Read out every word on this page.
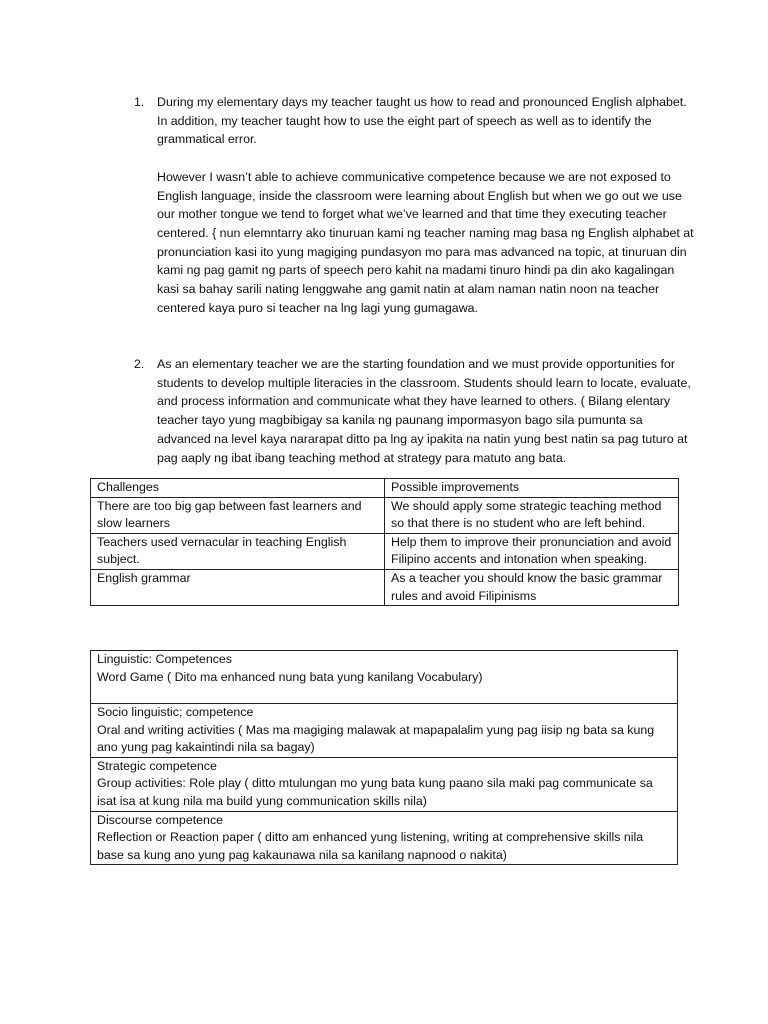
1.	During my elementary days my teacher taught us how to read and pronounced English alphabet. In addition, my teacher taught how to use the eight part of speech as well as to identify the grammatical error.

However I wasn’t able to achieve communicative competence because we are not exposed to English language, inside the classroom were learning about English but when we go out we use our mother tongue we tend to forget what we’ve learned and that time they executing teacher centered. { nun elemntarry ako tinuruan kami ng teacher naming mag basa ng English alphabet at pronunciation kasi ito yung magiging pundasyon mo para mas advanced na topic, at tinuruan din kami ng pag gamit ng parts of speech pero kahit na madami tinuro hindi pa din ako kagalingan kasi sa bahay sarili nating lenggwahe ang gamit natin at alam naman natin noon na teacher centered kaya puro si teacher na lng lagi yung gumagawa.

2.	As an elementary teacher we are the starting foundation and we must provide opportunities for students to develop multiple literacies in the classroom. Students should learn to locate, evaluate, and process information and communicate what they have learned to others. ( Bilang elentary teacher tayo yung magbibigay sa kanila ng paunang impormasyon bago sila pumunta sa advanced na level kaya nararapat ditto pa lng ay ipakita na natin yung best natin sa pag tuturo at pag aaply ng ibat ibang teaching method at strategy para matuto ang bata.

Challenges	Possible improvements
There are too big gap between fast learners and slow learners	We should apply some strategic teaching method so that there is no student who are left behind.
Teachers used vernacular in teaching English subject.	Help them to improve their pronunciation and avoid Filipino accents and intonation when speaking.
English grammar	As a teacher you should know the basic grammar rules and avoid Filipinisms
Linguistic: Competences
Word Game ( Dito ma enhanced nung bata yung kanilang Vocabulary)

Socio linguistic; competence
Oral and writing activities ( Mas ma magiging malawak at mapapalalim yung pag iisip ng bata sa kung ano yung pag kakaintindi nila sa bagay)

Strategic competence
Group activities: Role play ( ditto mtulungan mo yung bata kung paano sila maki pag communicate sa isat isa at kung nila ma build yung communication skills nila)

Discourse competence
Reflection or Reaction paper ( ditto am enhanced yung listening, writing at comprehensive skills nila base sa kung ano yung pag kakaunawa nila sa kanilang napnood o nakita)
